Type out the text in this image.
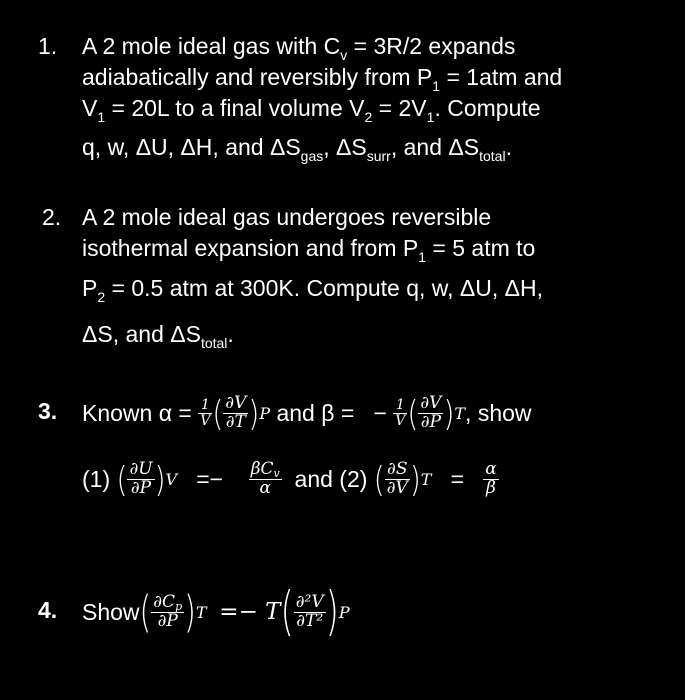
1. A 2 mole ideal gas with $C_v = 3R/2$ expands
adiabatically and reversibly from $P_1 = 1atm$ and
$V_1 = 20L$ to a final volume $V_2 = 2V_1$. Compute
q, w, ΔU, ΔH, and $\Delta S_{gas}$, $\Delta S_{surr}$, and $\Delta S_{total}$.
2. A 2 mole ideal gas undergoes reversible
isothermal expansion and from $P_1 = 5$ atm to
$P_2 = 0.5$ atm at 300K. Compute q, w, ΔU, ΔH,
ΔS, and $\Delta S_{total}$.
3. Known α =
$\frac{1}{V}$ ( $\frac{\partial V}{\partial T}$ ) P
and β =
−
$\frac{1}{V}$ ( $\frac{\partial V}{\partial P}$ ) T , show
(1)
( $\frac{\partial U}{\partial P}$ ) V
=−
$\frac{\beta C_v}{\alpha}$
and (2)
( $\frac{\partial S}{\partial V}$ ) T
=
$\frac{\alpha}{\beta}$
4. Show ( $\frac{\partial C_p}{\partial P}$ ) T
=− T ( $\frac{\text{∂²V}}{\text{∂T²}}$ ) P
